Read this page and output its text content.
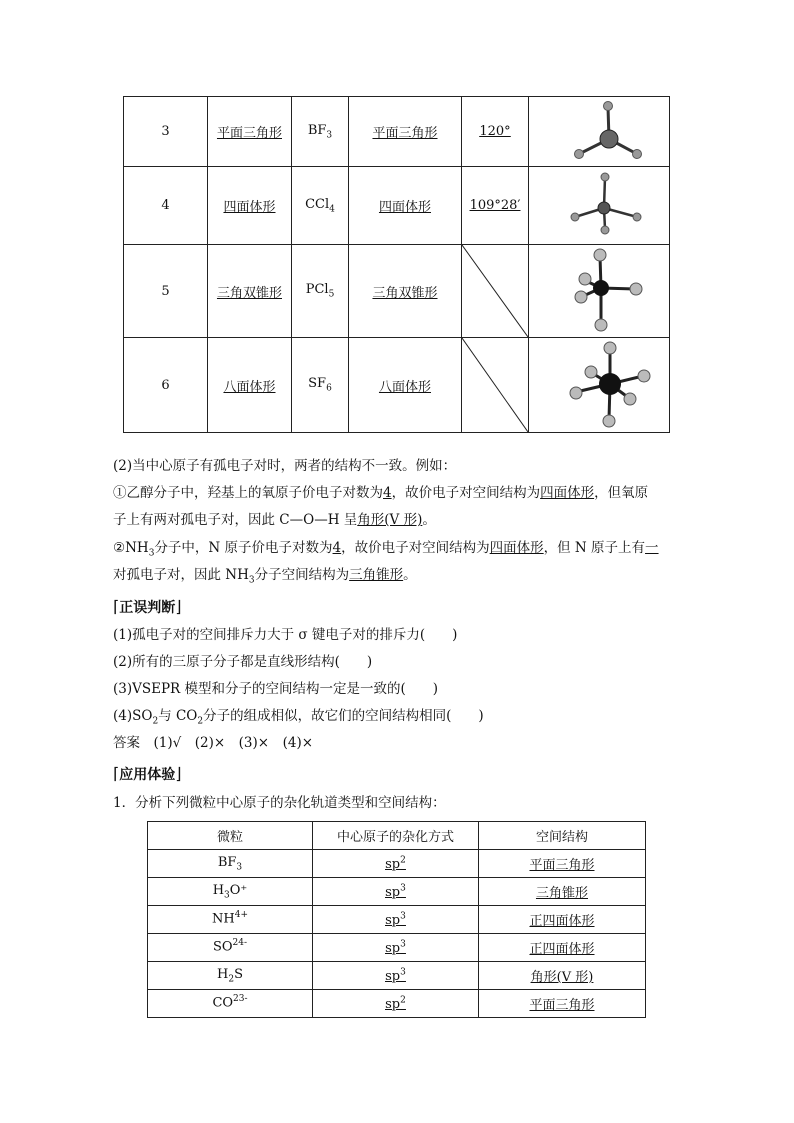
3	平面三角形	$BF_3$	平面三角形	120°	

4	四面体形	CCl$_4$	四面体形	109°28′	

5	三角双锥形	PCl$_5$	三角双锥形	

6	八面体形	$SF_6$	八面体形	

(2)当中心原子有孤电子对时，两者的结构不一致。例如：
①乙醇分子中，羟基上的氧原子价电子对数为4，故价电子对空间结构为四面体形，但氧原
子上有两对孤电子对，因此 C—O—H 呈角形(V 形)。
$②NH_3$分子中，N 原子价电子对数为4，故价电子对空间结构为四面体形，但 N 原子上有一
对孤电子对，因此 $NH_3$分子空间结构为三角锥形。
⌈正误判断⌋
(1)孤电子对的空间排斥力大于 σ 键电子对的排斥力(　　)
(2)所有的三原子分子都是直线形结构(　　)
(3)VSEPR 模型和分子的空间结构一定是一致的(　　)
$(4)SO_2$与 $CO_2$分子的组成相似，故它们的空间结构相同(　　)
答案　(1)√　(2)×　(3)×　(4)×
⌈应用体验⌋
1．分析下列微粒中心原子的杂化轨道类型和空间结构：
微粒	中心原子的杂化方式	空间结构
$BF_3$	$sp^2$	平面三角形
$H_3O^+$	$sp^3$	三角锥形
$NH^{4+}$	$sp^3$	正四面体形
$SO^{24-}$	$sp^3$	正四面体形
$H_2S$	$sp^3$	角形(V 形)
$CO^{23-}$	$sp^2$	平面三角形
